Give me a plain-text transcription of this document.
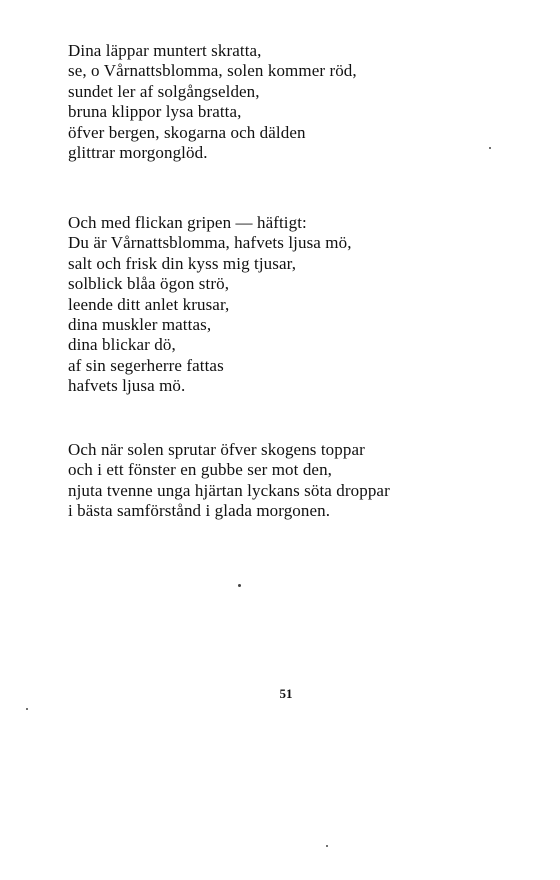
Dina läppar muntert skratta,
se, o Vårnattsblomma, solen kommer röd,
sundet ler af solgångselden,
bruna klippor lysa bratta,
öfver bergen, skogarna och dälden
glittrar morgonglöd.
Och med flickan gripen — häftigt:
Du är Vårnattsblomma, hafvets ljusa mö,
salt och frisk din kyss mig tjusar,
solblick blåa ögon strö,
leende ditt anlet krusar,
dina muskler mattas,
dina blickar dö,
af sin segerherre fattas
hafvets ljusa mö.
Och när solen sprutar öfver skogens toppar
och i ett fönster en gubbe ser mot den,
njuta tvenne unga hjärtan lyckans söta droppar
i bästa samförstånd i glada morgonen.
51
